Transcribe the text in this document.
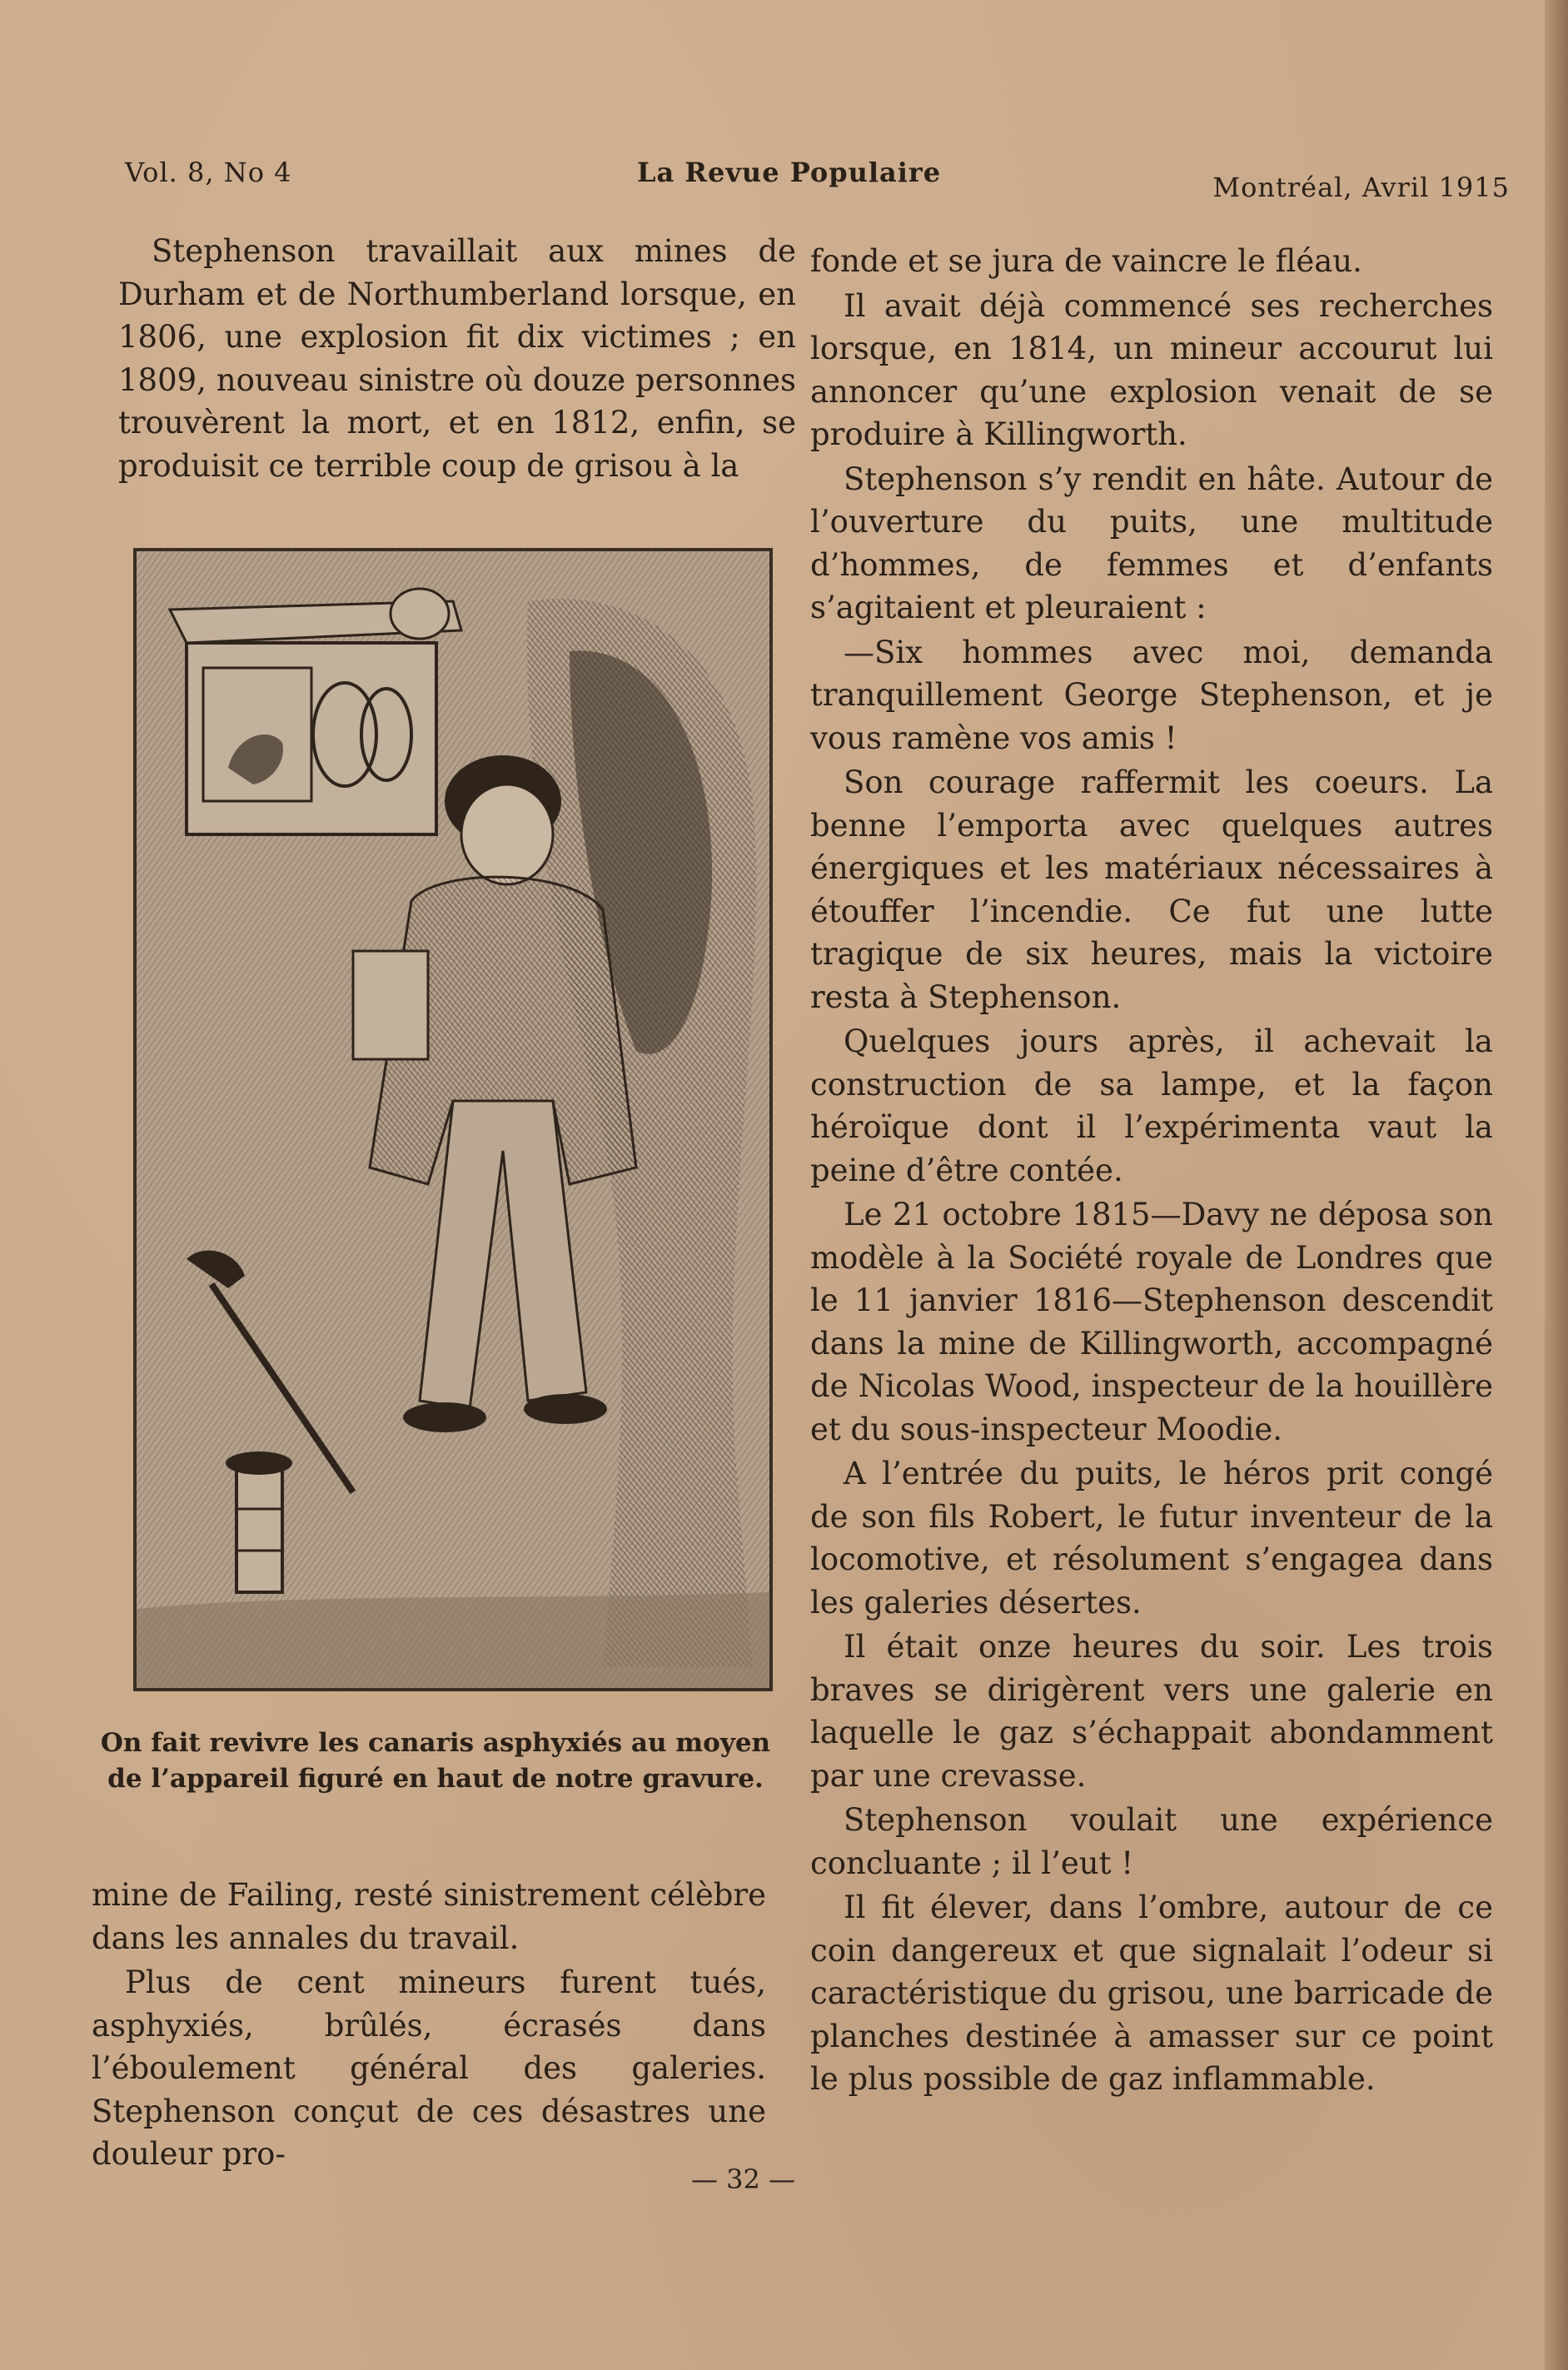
Vol. 8, No 4	La Revue Populaire	Montréal, Avril 1915

Stephenson travaillait aux mines de Durham et de Northumberland lorsque, en 1806, une explosion fit dix victimes ; en 1809, nouveau sinistre où douze personnes trouvèrent la mort, et en 1812, enfin, se produisit ce terrible coup de grisou à la

On fait revivre les canaris asphyxiés au moyen de l’appareil figuré en haut de notre gravure.

mine de Failing, resté sinistrement célèbre dans les annales du travail.

Plus de cent mineurs furent tués, asphyxiés, brûlés, écrasés dans l’éboulement général des galeries. Stephenson conçut de ces désastres une douleur pro-

fonde et se jura de vaincre le fléau.

Il avait déjà commencé ses recherches lorsque, en 1814, un mineur accourut lui annoncer qu’une explosion venait de se produire à Killingworth.

Stephenson s’y rendit en hâte. Autour de l’ouverture du puits, une multitude d’hommes, de femmes et d’enfants s’agitaient et pleuraient :

—Six hommes avec moi, demanda tranquillement George Stephenson, et je vous ramène vos amis !

Son courage raffermit les coeurs. La benne l’emporta avec quelques autres énergiques et les matériaux nécessaires à étouffer l’incendie. Ce fut une lutte tragique de six heures, mais la victoire resta à Stephenson.

Quelques jours après, il achevait la construction de sa lampe, et la façon héroïque dont il l’expérimenta vaut la peine d’être contée.

Le 21 octobre 1815—Davy ne déposa son modèle à la Société royale de Londres que le 11 janvier 1816—Stephenson descendit dans la mine de Killingworth, accompagné de Nicolas Wood, inspecteur de la houillère et du sous-inspecteur Moodie.

A l’entrée du puits, le héros prit congé de son fils Robert, le futur inventeur de la locomotive, et résolument s’engagea dans les galeries désertes.

Il était onze heures du soir. Les trois braves se dirigèrent vers une galerie en laquelle le gaz s’échappait abondamment par une crevasse.

Stephenson voulait une expérience concluante ; il l’eut !

Il fit élever, dans l’ombre, autour de ce coin dangereux et que signalait l’odeur si caractéristique du grisou, une barricade de planches destinée à amasser sur ce point le plus possible de gaz inflammable.

— 32 —
